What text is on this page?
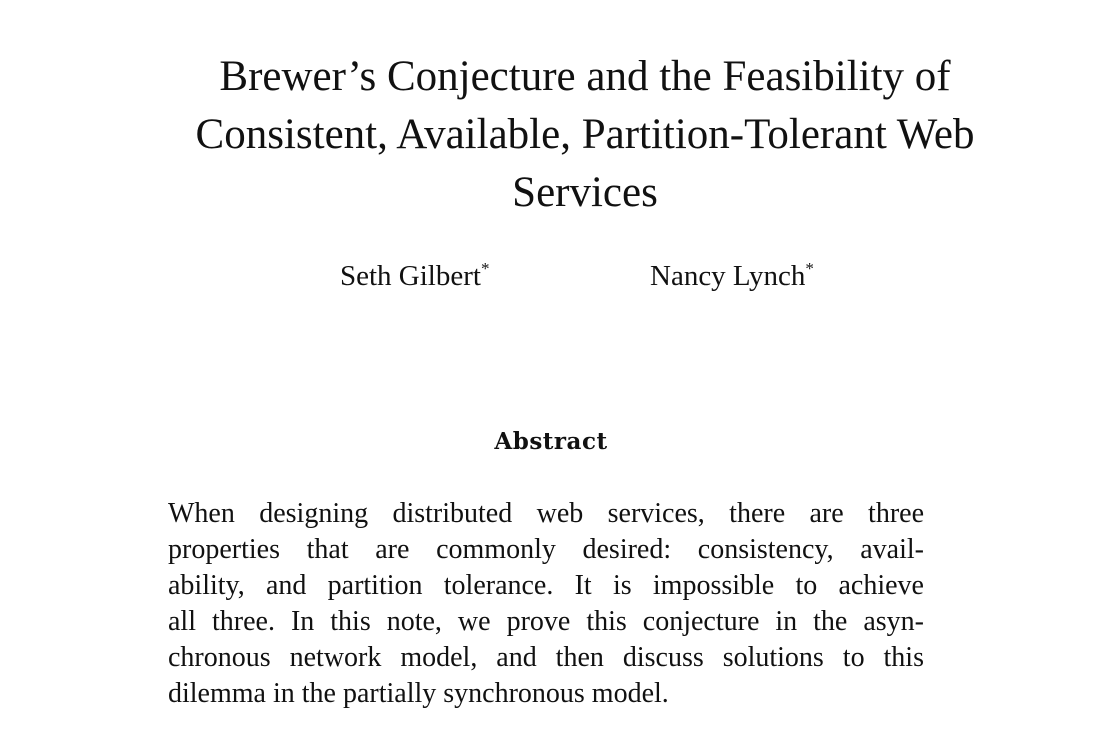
Brewer’s Conjecture and the Feasibility of
Consistent, Available, Partition-Tolerant Web
Services
Seth Gilbert*	Nancy Lynch*
Abstract
When designing distributed web services, there are three
properties that are commonly desired: consistency, avail-
ability, and partition tolerance. It is impossible to achieve
all three. In this note, we prove this conjecture in the asyn-
chronous network model, and then discuss solutions to this
dilemma in the partially synchronous model.
